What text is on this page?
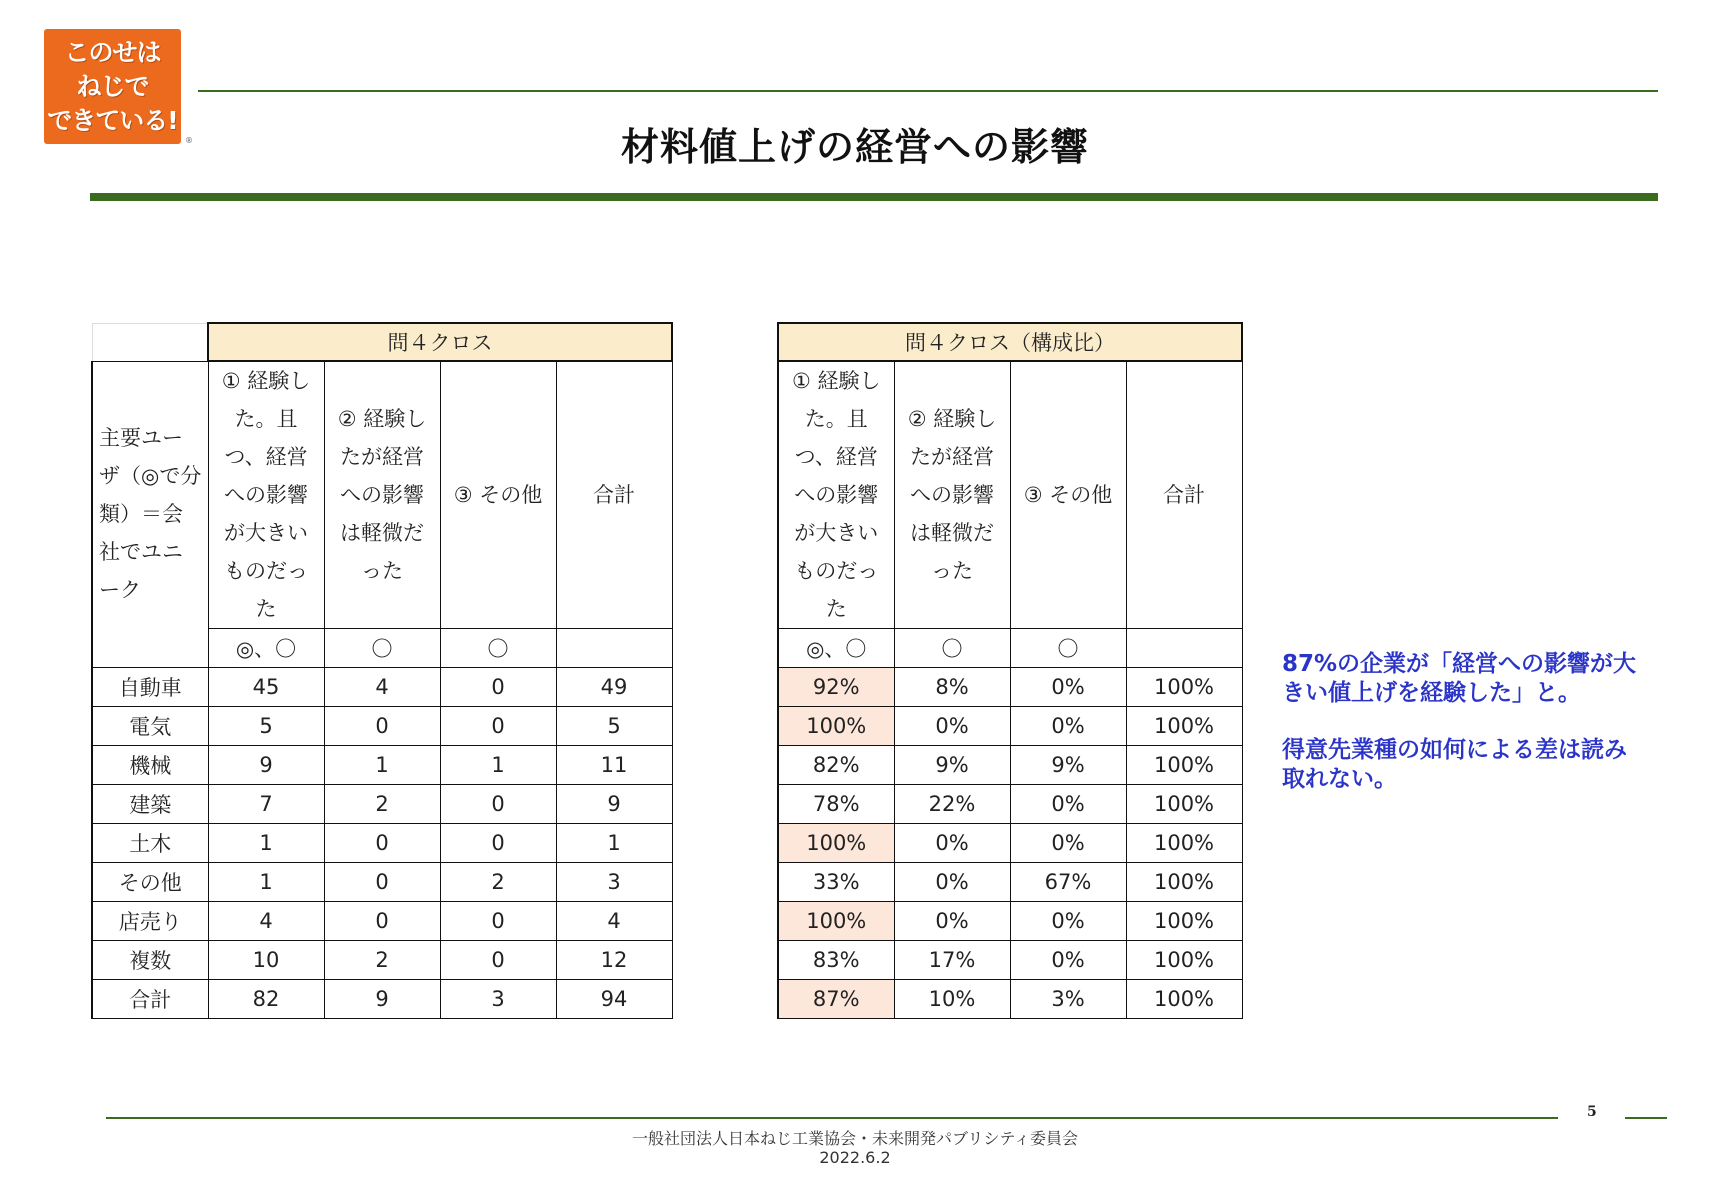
このせは
ねじで
できている!
®	材料値上げの経営への影響
	問４クロス			
主要ユーザ（◎で分類）＝会社でユニーク	① 経験した。且つ、経営への影響が大きいものだった	② 経験したが経営への影響は軽微だった	③ その他	合計
	◎、〇	〇	〇	
自動車	45	4	0	49
電気	5	0	0	5
機械	9	1	1	11
建築	7	2	0	9
土木	1	0	0	1
その他	1	0	2	3
店売り	4	0	0	4
複数	10	2	0	12
合計	82	9	3	94
問４クロス（構成比）			
① 経験した。且つ、経営への影響が大きいものだった	② 経験したが経営への影響は軽微だった	③ その他	合計
◎、〇	〇	〇	
92%	8%	0%	100%
100%	0%	0%	100%
82%	9%	9%	100%
78%	22%	0%	100%
100%	0%	0%	100%
33%	0%	67%	100%
100%	0%	0%	100%
83%	17%	0%	100%
87%	10%	3%	100%

87%の企業が「経営への影響が大きい値上げを経験した」と。

得意先業種の如何による差は読み取れない。

5
一般社団法人日本ねじ工業協会・未来開発パブリシティ委員会
2022.6.2
